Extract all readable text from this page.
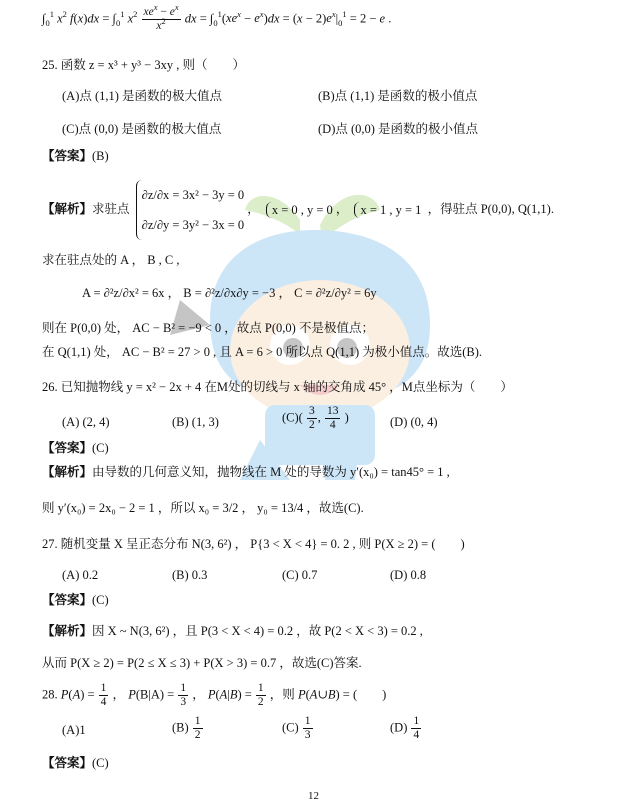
$\int_0^1$ $x^2$ $f(x)dx = \int_0^1$ $x^2 \frac{xe^x - e^x}{x^2}$ dx = $\int_0^1(xe^x - e^x)dx = (x - 2)e^x|_0^1 = 2 - e$ .
25. 函数 z = x³ + y³ − 3xy , 则（　　）
(A)点 (1,1) 是函数的极大值点	(B)点 (1,1) 是函数的极小值点
(C)点 (0,0) 是函数的极大值点	(D)点 (0,0) 是函数的极小值点
【答案】(B)
【解析】求驻点
∂z/∂x = 3x² − 3y = 0
∂z/∂y = 3y² − 3x = 0
， x = 0 , y = 0 ， x = 1 , y = 1 ，得驻点 P(0,0), Q(1,1).
求在驻点处的 A ， B , C ,
A = ∂²z/∂x² = 6x ， B = ∂²z/∂x∂y = −3 ， C = ∂²z/∂y² = 6y
则在 P(0,0) 处， AC − B² = −9 < 0 ，故点 P(0,0) 不是极值点；
在 Q(1,1) 处， AC − B² = 27 > 0 , 且 A = 6 > 0 所以点 Q(1,1) 为极小值点。故选(B).
26. 已知抛物线 y = x² − 2x + 4 在M处的切线与 x 轴的交角成 45° ，M点坐标为（　　）
(A) (2, 4)	(B) (1, 3)	$(C)( \frac{3}{2}$ , $\frac{13}{4}$ )	(D) (0, 4)
【答案】(C)
【解析】由导数的几何意义知，抛物线在 M 处的导数为 y′(x₀) = tan45° = 1 ,
则 y′(x₀) = 2x₀ − 2 = 1 ，所以 x₀ = 3/2 ， y₀ = 13/4 ，故选(C).
27. 随机变量 X 呈正态分布 N(3, 6²) ， P{3 < X < 4} = 0. 2 , 则 P(X ≥ 2) = (　　)
(A) 0.2	(B) 0.3	(C) 0.7	(D) 0.8
【答案】(C)
【解析】因 X ~ N(3, 6²) ，且 P(3 < X < 4) = 0.2 ，故 P(2 < X < 3) = 0.2 ,
从而 P(X ≥ 2) = P(2 ≤ X ≤ 3) + P(X > 3) = 0.7 ，故选(C)答案.
28. $P(A) = \frac{1}{4}$ ， $P(B|A) = \frac{1}{3}$ ， $P(A|B) = \frac{1}{2}$ ，则 P(A∪B) = (　　)
(A)1	$(B) \frac{1}{2}$	$(C) \frac{1}{3}$	$(D) \frac{1}{4}$
【答案】(C)
12
